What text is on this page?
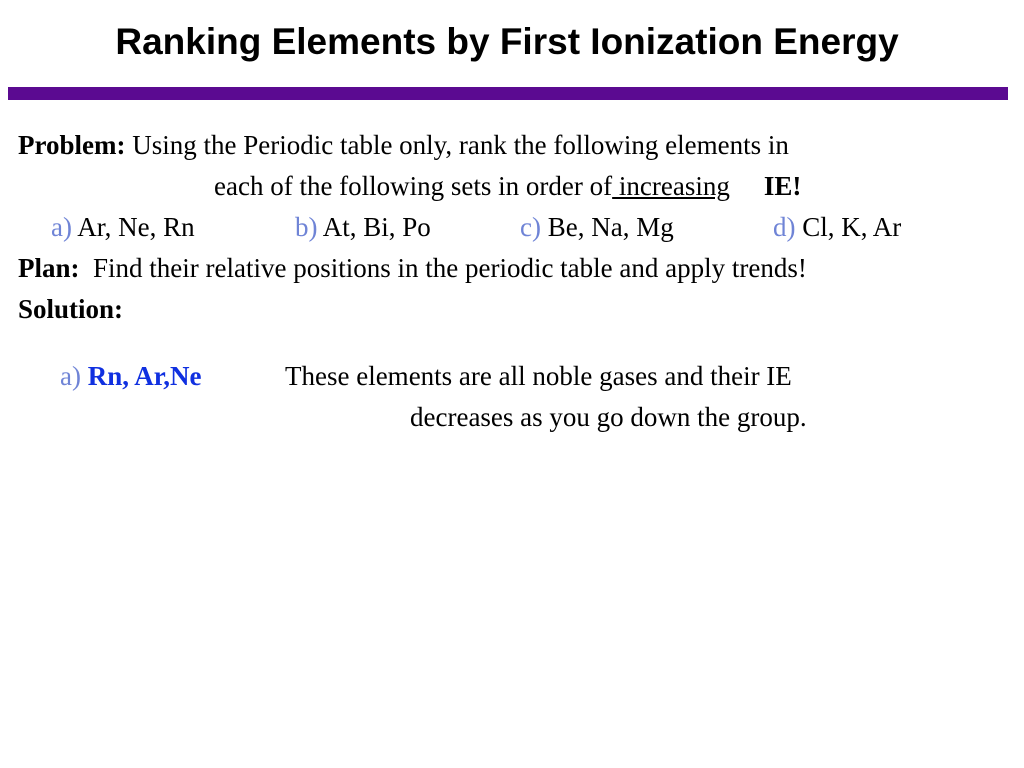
Ranking Elements by First Ionization Energy
Problem: Using the Periodic table only, rank the following elements in
each of the following sets in order of increasing IE!
a) Ar, Ne, Rn	b) At, Bi, Po	c) Be, Na, Mg	d) Cl, K, Ar
Plan: Find their relative positions in the periodic table and apply trends!
Solution:
a) Rn, Ar,Ne	These elements are all noble gases and their IE
decreases as you go down the group.
